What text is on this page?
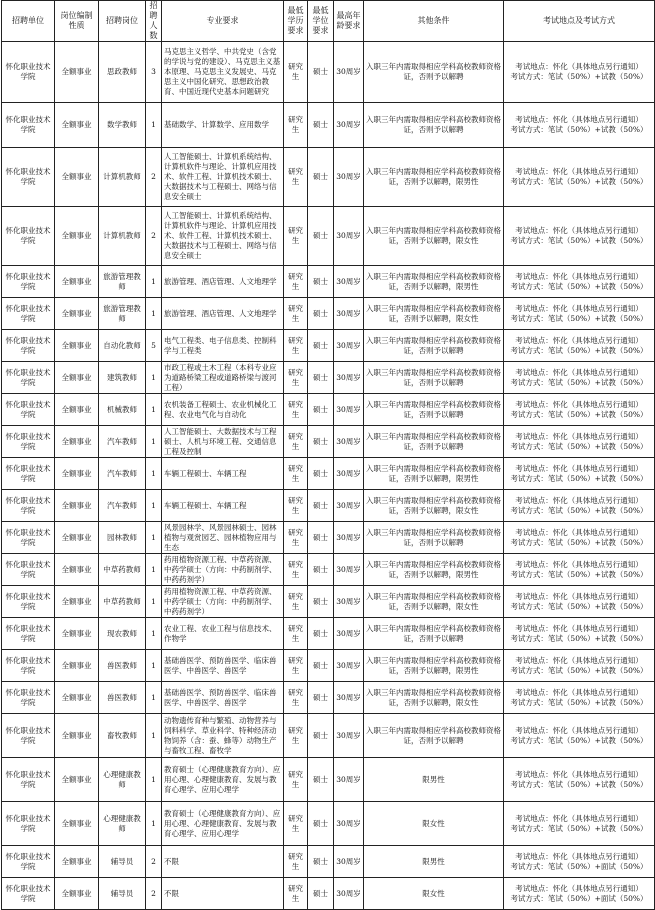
招聘单位	岗位编制性质	招聘岗位	招聘人数	专业要求	最低学历要求	最低学位要求	最高年龄要求	其他条件	考试地点及考试方式
怀化职业技术学院	全额事业	思政教师	3	马克思主义哲学、中共党史（含党的学说与党的建设）、马克思主义基本原理、马克思主义发展史、马克思主义中国化研究、思想政治教育、中国近现代史基本问题研究	研究生	硕士	30周岁	入职三年内需取得相应学科高校教师资格证，否则予以解聘	考试地点：怀化（具体地点另行通知）
考试方式：笔试（50%）+试教（50%）

怀化职业技术学院	全额事业	数学教师	1	基础数学、计算数学、应用数学	研究生	硕士	30周岁	入职三年内需取得相应学科高校教师资格证，否则予以解聘	考试地点：怀化（具体地点另行通知）
考试方式：笔试（50%）+试教（50%）

怀化职业技术学院	全额事业	计算机教师	2	人工智能硕士、计算机系统结构、计算机软件与理论、计算机应用技术、软件工程、计算机技术硕士、大数据技术与工程硕士、网络与信息安全硕士	研究生	硕士	30周岁	入职三年内需取得相应学科高校教师资格证，否则予以解聘，限男性	考试地点：怀化（具体地点另行通知）
考试方式：笔试（50%）+试教（50%）

怀化职业技术学院	全额事业	计算机教师	2	人工智能硕士、计算机系统结构、计算机软件与理论、计算机应用技术、软件工程、计算机技术硕士、大数据技术与工程硕士、网络与信息安全硕士	研究生	硕士	30周岁	入职三年内需取得相应学科高校教师资格证，否则予以解聘，限女性	考试地点：怀化（具体地点另行通知）
考试方式：笔试（50%）+试教（50%）

怀化职业技术学院	全额事业	旅游管理教师	1	旅游管理、酒店管理、人文地理学	研究生	硕士	30周岁	入职三年内需取得相应学科高校教师资格证，否则予以解聘，限男性	考试地点：怀化（具体地点另行通知）
考试方式：笔试（50%）+试教（50%）

怀化职业技术学院	全额事业	旅游管理教师	1	旅游管理、酒店管理、人文地理学	研究生	硕士	30周岁	入职三年内需取得相应学科高校教师资格证，否则予以解聘，限女性	考试地点：怀化（具体地点另行通知）
考试方式：笔试（50%）+试教（50%）

怀化职业技术学院	全额事业	自动化教师	5	电气工程类、电子信息类、控制科学与工程类	研究生	硕士	30周岁	入职三年内需取得相应学科高校教师资格证，否则予以解聘	考试地点：怀化（具体地点另行通知）
考试方式：笔试（50%）+试教（50%）

怀化职业技术学院	全额事业	建筑教师	1	市政工程或土木工程（本科专业应为道路桥梁工程或道路桥梁与渡河工程）	研究生	硕士	30周岁	入职三年内需取得相应学科高校教师资格证，否则予以解聘	考试地点：怀化（具体地点另行通知）
考试方式：笔试（50%）+试教（50%）

怀化职业技术学院	全额事业	机械教师	1	农机装备工程硕士、农业机械化工程、农业电气化与自动化	研究生	硕士	30周岁	入职三年内需取得相应学科高校教师资格证，否则予以解聘	考试地点：怀化（具体地点另行通知）
考试方式：笔试（50%）+试教（50%）

怀化职业技术学院	全额事业	汽车教师	1	人工智能硕士、大数据技术与工程硕士、人机与环境工程、交通信息工程及控制	研究生	硕士	30周岁	入职三年内需取得相应学科高校教师资格证，否则予以解聘	考试地点：怀化（具体地点另行通知）
考试方式：笔试（50%）+试教（50%）

怀化职业技术学院	全额事业	汽车教师	1	车辆工程硕士、车辆工程	研究生	硕士	30周岁	入职三年内需取得相应学科高校教师资格证，否则予以解聘，限男性	考试地点：怀化（具体地点另行通知）
考试方式：笔试（50%）+试教（50%）

怀化职业技术学院	全额事业	汽车教师	1	车辆工程硕士、车辆工程	研究生	硕士	30周岁	入职三年内需取得相应学科高校教师资格证，否则予以解聘，限女性	考试地点：怀化（具体地点另行通知）
考试方式：笔试（50%）+试教（50%）

怀化职业技术学院	全额事业	园林教师	1	风景园林学、风景园林硕士、园林植物与观赏园艺、园林植物应用与生态	研究生	硕士	30周岁	入职三年内需取得相应学科高校教师资格证，否则予以解聘	考试地点：怀化（具体地点另行通知）
考试方式：笔试（50%）+试教（50%）

怀化职业技术学院	全额事业	中草药教师	1	药用植物资源工程、中草药资源、中药学硕士（方向：中药制剂学、中药药剂学）	研究生	硕士	30周岁	入职三年内需取得相应学科高校教师资格证，否则予以解聘，限男性	考试地点：怀化（具体地点另行通知）
考试方式：笔试（50%）+试教（50%）

怀化职业技术学院	全额事业	中草药教师	1	药用植物资源工程、中草药资源、中药学硕士（方向：中药制剂学、中药药剂学）	研究生	硕士	30周岁	入职三年内需取得相应学科高校教师资格证，否则予以解聘，限女性	考试地点：怀化（具体地点另行通知）
考试方式：笔试（50%）+试教（50%）

怀化职业技术学院	全额事业	现农教师	1	农业工程、农业工程与信息技术、作物学	研究生	硕士	30周岁	入职三年内需取得相应学科高校教师资格证，否则予以解聘	考试地点：怀化（具体地点另行通知）
考试方式：笔试（50%）+试教（50%）

怀化职业技术学院	全额事业	兽医教师	1	基础兽医学、预防兽医学、临床兽医学、中兽医学、兽医学	研究生	硕士	30周岁	入职三年内需取得相应学科高校教师资格证，否则予以解聘，限男性	考试地点：怀化（具体地点另行通知）
考试方式：笔试（50%）+试教（50%）

怀化职业技术学院	全额事业	兽医教师	1	基础兽医学、预防兽医学、临床兽医学、中兽医学、兽医学	研究生	硕士	30周岁	入职三年内需取得相应学科高校教师资格证，否则予以解聘，限女性	考试地点：怀化（具体地点另行通知）
考试方式：笔试（50%）+试教（50%）

怀化职业技术学院	全额事业	畜牧教师	1	动物遗传育种与繁殖、动物营养与饲料科学、草业科学、特种经济动物饲养（含：蚕、蜂等）动物生产与畜牧工程、畜牧学	研究生	硕士	30周岁	入职三年内需取得相应学科高校教师资格证，否则予以解聘	考试地点：怀化（具体地点另行通知）
考试方式：笔试（50%）+试教（50%）

怀化职业技术学院	全额事业	心理健康教师	1	教育硕士（心理健康教育方向）、应用心理、心理健康教育、发展与教育心理学、应用心理学	研究生	硕士	30周岁	限男性	考试地点：怀化（具体地点另行通知）
考试方式：笔试（50%）+试教（50%）

怀化职业技术学院	全额事业	心理健康教师	1	教育硕士（心理健康教育方向）、应用心理、心理健康教育、发展与教育心理学、应用心理学	研究生	硕士	30周岁	限女性	考试地点：怀化（具体地点另行通知）
考试方式：笔试（50%）+试教（50%）

怀化职业技术学院	全额事业	辅导员	2	不限	研究生	硕士	30周岁	限男性	考试地点：怀化（具体地点另行通知）
考试方式：笔试（50%）+面试（50%）

怀化职业技术学院	全额事业	辅导员	2	不限	研究生	硕士	30周岁	限女性	考试地点：怀化（具体地点另行通知）
考试方式：笔试（50%）+面试（50%）
